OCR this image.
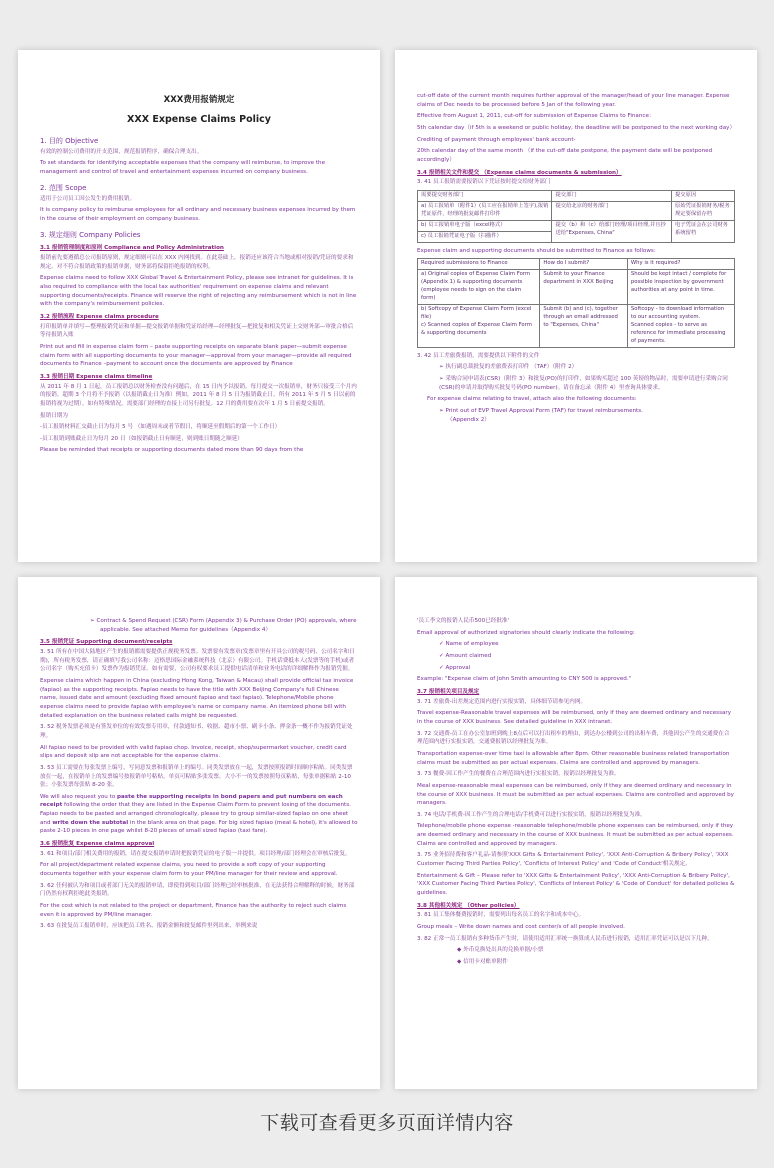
XXX费用报销规定
XXX Expense Claims Policy
1. 目的 Objective

有效的控制公司费用的开支范围，规范报销程序，确保合理支出。

To set standards for identifying acceptable expenses that the company will reimburse, to improve the management and control of travel and entertainment expenses incurred on company business.

2. 范围 Scope

适用于公司员工因公发生的费用报销。

It is company policy to reimburse employees for all ordinary and necessary business expenses incurred by them in the course of their employment on company business.

3. 规定细则 Company Policies
3.1 报销管理制度和原则 Compliance and Policy Administration

报销前先要遵循总公司报销原则，规定细则可以在 XXX 内网找到。在此基础上，报销还应该符合当地或相对报销/凭证的要求和规定。对不符合报销政策的报销单据，财务部将保留拒绝报销的权利。

Expense claims need to follow XXX Global Travel & Entertainment Policy, please see intranet for guidelines. It is also required to compliance with the local tax authorities' requirement on expense claims and relevant supporting documents/receipts. Finance will reserve the right of rejecting any reimbursement which is not in line with the company's reimbursement policies.

3.2 报销流程 Expense claims procedure

打印报销单并填写—整理报销凭证和单据—提交报销单据和凭证给经理—经理批复—把批复和相关凭证上交财务部—审批合格后等待报销入账

Print out and fill in expense claim form – paste supporting receipts on separate blank paper—submit expense claim form with all supporting documents to your manager—approval from your manager—provide all required documents to Finance –payment to account once the documents are approved by Finance

3.3 报销日期 Expense claims timeline

从 2011 年 8 月 1 日起，员工报销总以财务检查没有问题后，在 15 日内予以报销。每月提交一次报销单，财务只接受三个月内的报销。超期 3 个月将不予报销（以报销截止日为准）例如，2011 年 8 月 5 日为报销截止日，所有 2011 年 5 月 5 日以前的报销将视为过期）。如有特殊情况，需要部门经理的直接上司另行批复。12 月的费用要在次年 1 月 5 日前提交报销。

报销日期为

-员工报销材料汇交截止日为每月 5 号 （如遇周末或者节假日，将顺延至假期后的第一个工作日）

-员工报销到账截止日为每月 20 日（如报销截止日有顺延，则到账日期随之顺延）

Please be reminded that receipts or supporting documents dated more than 90 days from the

cut-off date of the current month requires further approval of the manager/head of your line manager. Expense claims of Dec needs to be processed before 5 Jan of the following year.

Effective from August 1, 2011, cut-off for submission of Expense Claims to Finance：

5th calendar day（if 5th is a weekend or public holiday, the deadline will be postponed to the next working day）

Crediting of payment through employees' bank account-

20th calendar day of the same month （if the cut-off date postpone, the payment date will be postponed accordingly）

3.4 报销相关文件和提交 （Expense claims documents & submission）

3. 41 员工报销需要报销以下凭证按时提交给财务部门

需要提交财务部门	提交部门	提交原因
a) 员工报销单（附件1）(员工应在报销单上签字),报销凭证原件，经理的批复邮件打印件	提交给北京的财务部门	原始凭证报销财务/税务规定要保留存档
b) 员工报销单电子版（excel格式）	提交（b）和（c）给部门经理/项目经理,并且抄送给"Expenses, China"	电子凭证会在公司财务系统留档
c) 员工报销凭证电子版（扫描件）		

Expense claim and supporting documents should be submitted to Finance as follows:

Required submissions to Finance	How do I submit?	Why is it required?
a) Original copies of Expense Claim Form (Appendix 1) & supporting documents (employee needs to sign on the claim form)	Submit to your Finance department in XXX Beijing	Should be kept intact / complete for possible inspection by government authorities at any point in time.
b) Softcopy of Expense Claim Form (excel file)
c) Scanned copies of Expense Claim Form & supporting documents	Submit (b) and (c), together through an email addressed to "Expenses, China"	Softcopy - to download information to our accounting system.
Scanned copies - to serve as reference for immediate processing of payments.

3. 42 员工差旅费报销，需要提供以下附件的文件

➢ 执行副总裁批复的差旅费表打印件 （TAF）（附件 2）

➢ 采购合同申请表(CSR)（附件 3）和批复(PO)的打印件，如果购买超过 100 英镑的物品时，需要申请进行采购合同(CSR)的申请并取得购买批复号码(PO number)。请在备忘录（附件 4）里查询具体要求。

For expense claims relating to travel, attach also the following documents:

➢ Print out of EVP Travel Approval Form (TAF) for travel reimbursements.
（Appendix 2）

➢ Contract & Spend Request (CSR) Form (Appendix 3) & Purchase Order (PO) approvals, where applicable. See attached Memo for guidelines（Appendix 4）

3.5 报销凭证 Supporting document/receipts

3. 51 所有在中国大陆地区产生的报销都需要提供正规税务发票。发票要有发票章(发票章里有开具公司的税号码、公司名字和日期)，所有税务发票，请正确填写我公司名称：迈格思国际金融系统科技（北京）有限公司。手机话费抵本人(发票等的手机)或者公司名字（购买充值卡）发票作为报销凭证。如有需要，公司有权要求员工提供电话清单和业务电话的详细解释作为报销凭据。

Expense claims which happen in China (excluding Hong Kong, Taiwan & Macau) shall provide official tax invoice (fapiao) as the supporting receipts. Fapiao needs to have the title with XXX Beijing Company's full Chinese name, issued date and amount (excluding fixed amount fapiao and taxi fapiao). Telephone/Mobile phone expense claims need to provide fapiao with employee's name or company name. An itemized phone bill with detailed explanation on the business related calls might be requested.

3. 52 税务发票必须是有签发单位的有效发票专用章，付款通知书、收据、超市小票、刷卡小条、押金条一概不作为报销凭证处理。

All fapiao need to be provided with valid fapiao chop. Invoice, receipt, shop/supermarket voucher, credit card slips and deposit slip are not acceptable for the expense claims.

3. 53 员工需要在每张发票上编号，写同意发票和报销单上的编号。同类发票放在一起，发票按照报销时间顺序粘贴。同类发票放在一起，在报销单上的发票编号按报销单号粘贴，单页可粘贴多张发票。大小不一的发票按照每页粘贴，每张单据粘贴 2-10 张；小张发票每张贴 8-20 张。

We will also request you to paste the supporting receipts in bond papers and put numbers on each receipt following the order that they are listed in the Expense Claim Form to prevent losing of the documents. Fapiao needs to be pasted and arranged chronologically, please try to group similar-sized fapiao on one sheet and write down the subtotal in the blank area on that page. For big sized fapiao (meal & hotel), it's allowed to paste 2-10 pieces in one page whilst 8-20 pieces of small sized fapiao (taxi fare).

3.6 报销批复 Expense claims approval

3. 61 和项目/部门相关费用的报销，请在提交报销申请时把报销凭证的电子版一并提供。项目经理/部门经理会在审核后批复。

For all project/department related expense claims, you need to provide a soft copy of your supporting documents together with your expense claim form to your PM/line manager for their review and approval.

3. 62 任何被认为和项目或者部门无关的报销申请，即使得到项目/部门经理已经审核批准，在无法获得合理解释的时候，财务部门仍然有权利拒绝此类报销。

For the cost which is not related to the project or department, Finance has the authority to reject such claims even it is approved by PM/line manager.

3. 63 在批复员工报销单时，应该把员工姓名、报销金额和批复邮件里列出来，举例来说

'员工李文的报销人民币500已经批准'

Email approval of authorized signatories should clearly indicate the following:

✓ Name of employee

✓ Amount claimed

✓ Approval

Example: "Expense claim of John Smith amounting to CNY 500 is approved."

3.7 报销相关项目及规定

3. 71 差旅费-出差规定范围内进行实报实销，具体细节请参见内网。

Travel expense-Reasonable travel expenses will be reimbursed, only if they are deemed ordinary and necessary in the course of XXX business. See detailed guideline in XXX intranet.

3. 72 交通费-员工在办公室加班到晚上8点后可以打出租车的理由，到达办公楼到公司的出租车费，其他因公产生的交通费在合理范围内进行实报实销，交通费报销以经理批复为准。

Transportation expense-over time taxi is allowable after 8pm. Other reasonable business related transportation claims must be submitted as per actual expenses. Claims are controlled and approved by managers.

3. 73 餐费-因工作产生的餐费在合理范围内进行实报实销，报销以经理批复为准。

Meal expense-reasonable meal expenses can be reimbursed, only if they are deemed ordinary and necessary in the course of XXX business. It must be submitted as per actual expenses. Claims are controlled and approved by managers.

3. 74 电话/手机费-因工作产生的合理电话/手机费可以进行实报实销，报销以经理批复为准。

Telephone/mobile phone expense -reasonable telephone/mobile phone expenses can be reimbursed, only if they are deemed ordinary and necessary in the course of XXX business. It must be submitted as per actual expenses. Claims are controlled and approved by managers.

3. 75 业务招待费和客户礼品-请参照'XXX Gifts & Entertainment Policy', 'XXX Anti-Corruption & Bribery Policy', 'XXX Customer Facing Third Parties Policy', 'Conflicts of Interest Policy' and 'Code of Conduct'相关规定。

Entertainment & Gift – Please refer to 'XXX Gifts & Entertainment Policy', 'XXX Anti-Corruption & Bribery Policy', 'XXX Customer Facing Third Parties Policy', 'Conflicts of Interest Policy' & 'Code of Conduct' for detailed policies & guidelines.

3.8 其他相关规定 （Other policies）

3. 81 员工集体餐费报销时，需要列出每名员工的名字和成本中心。

Group meals – Write down names and cost center/s of all people involved.

3. 82 正常一员工报销有多种货币产生时，请使用适用汇率统一换算成人民币进行报销，适用汇率凭证可以是以下几种。

◆ 外币兑换处出具的兑换单据/小票

◆ 信用卡对账单附件

下载可查看更多页面详情内容
